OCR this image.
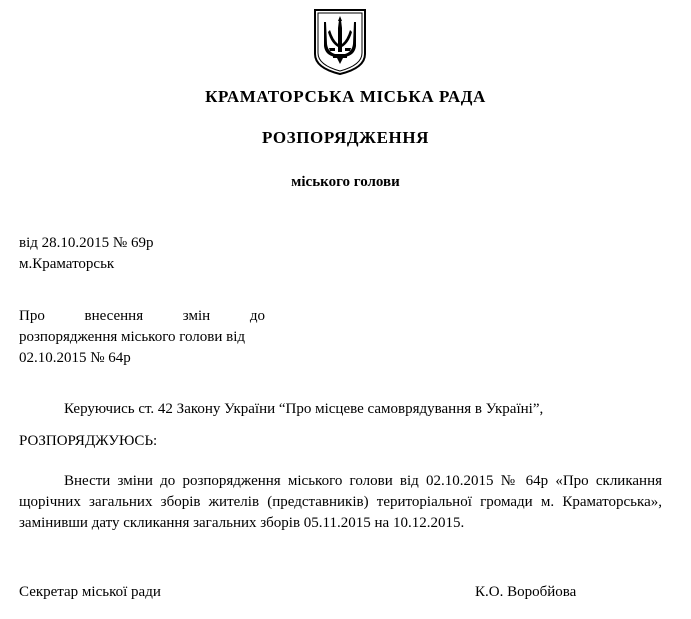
КРАМАТОРСЬКА МІСЬКА РАДА
РОЗПОРЯДЖЕННЯ
міського голови
від 28.10.2015 № 69р
м.Краматорськ
Про внесення змін до
розпорядження міського голови від
02.10.2015 № 64р
Керуючись ст. 42 Закону України “Про місцеве самоврядування в Україні”,
РОЗПОРЯДЖУЮСЬ:
Внести зміни до розпорядження міського голови від 02.10.2015 № 64р «Про скликання щорічних загальних зборів жителів (представників) територіальної громади м. Краматорська», замінивши дату скликання загальних зборів 05.11.2015 на 10.12.2015.
Секретар міської ради	К.О. Воробйова
